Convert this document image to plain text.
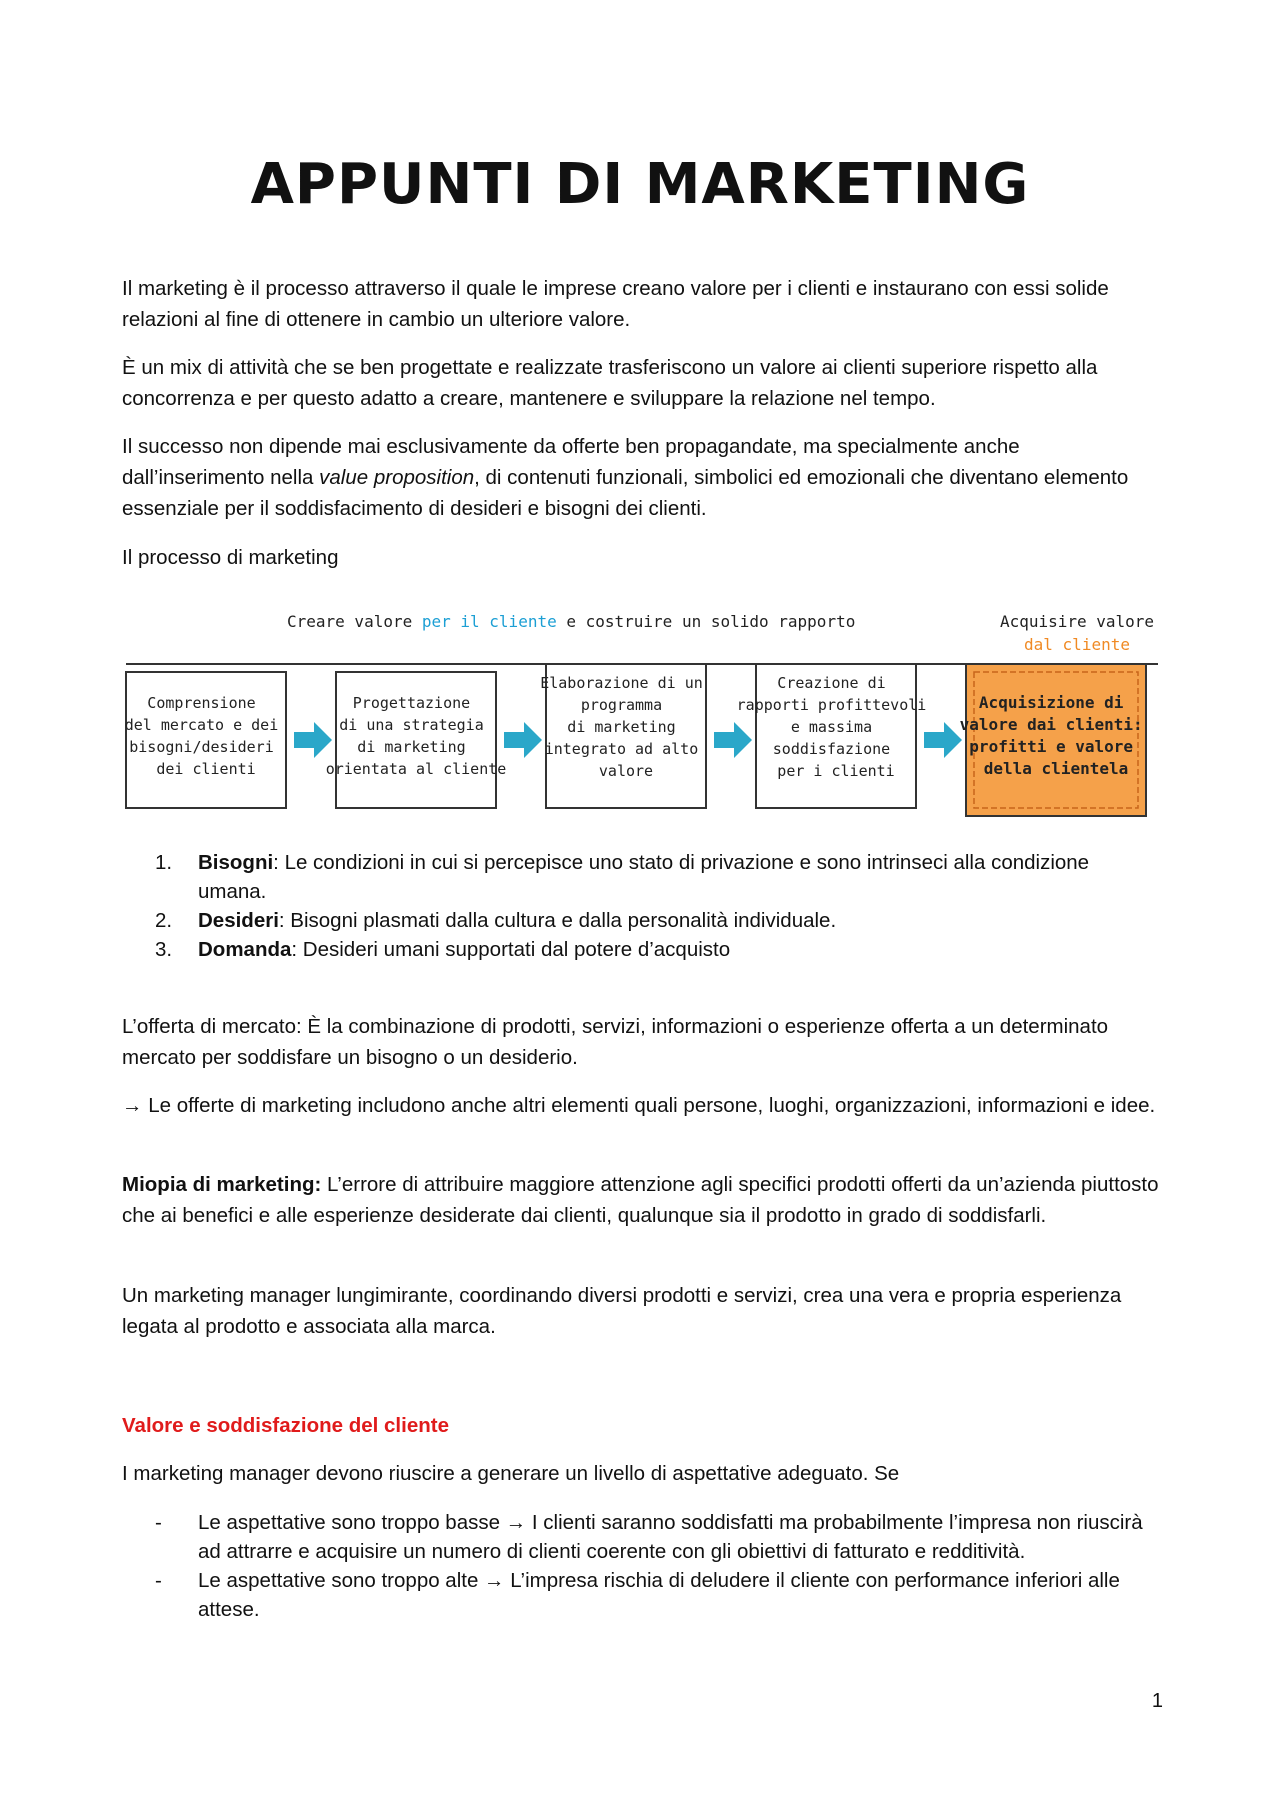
APPUNTI DI MARKETING

Il marketing è il processo attraverso il quale le imprese creano valore per i clienti e instaurano con essi solide relazioni al fine di ottenere in cambio un ulteriore valore.

È un mix di attività che se ben progettate e realizzate trasferiscono un valore ai clienti superiore rispetto alla concorrenza e per questo adatto a creare, mantenere e sviluppare la relazione nel tempo.

Il successo non dipende mai esclusivamente da offerte ben propagandate, ma specialmente anche dall’inserimento nella value proposition, di contenuti funzionali, simbolici ed emozionali che diventano elemento essenziale per il soddisfacimento di desideri e bisogni dei clienti.

Il processo di marketing

Creare valore per il cliente e costruire un solido rapporto	Acquisire valore
dal cliente
Comprensione del mercato e dei bisogni/desideri dei clienti
Progettazione di una strategia di marketing orientata al cliente
Elaborazione di un programma di marketing integrato ad alto valore
Creazione di rapporti profittevoli e massima soddisfazione per i clienti
Acquisizione di valore dai clienti: profitti e valore della clientela
1. Bisogni: Le condizioni in cui si percepisce uno stato di privazione e sono intrinseci alla condizione umana.
2. Desideri: Bisogni plasmati dalla cultura e dalla personalità individuale.
3. Domanda: Desideri umani supportati dal potere d’acquisto

L’offerta di mercato: È la combinazione di prodotti, servizi, informazioni o esperienze offerta a un determinato mercato per soddisfare un bisogno o un desiderio.

→ Le offerte di marketing includono anche altri elementi quali persone, luoghi, organizzazioni, informazioni e idee.

Miopia di marketing: L’errore di attribuire maggiore attenzione agli specifici prodotti offerti da un’azienda piuttosto che ai benefici e alle esperienze desiderate dai clienti, qualunque sia il prodotto in grado di soddisfarli.

Un marketing manager lungimirante, coordinando diversi prodotti e servizi, crea una vera e propria esperienza legata al prodotto e associata alla marca.

Valore e soddisfazione del cliente

I marketing manager devono riuscire a generare un livello di aspettative adeguato. Se

- Le aspettative sono troppo basse → I clienti saranno soddisfatti ma probabilmente l’impresa non riuscirà ad attrarre e acquisire un numero di clienti coerente con gli obiettivi di fatturato e redditività.
- Le aspettative sono troppo alte → L’impresa rischia di deludere il cliente con performance inferiori alle attese.
1
